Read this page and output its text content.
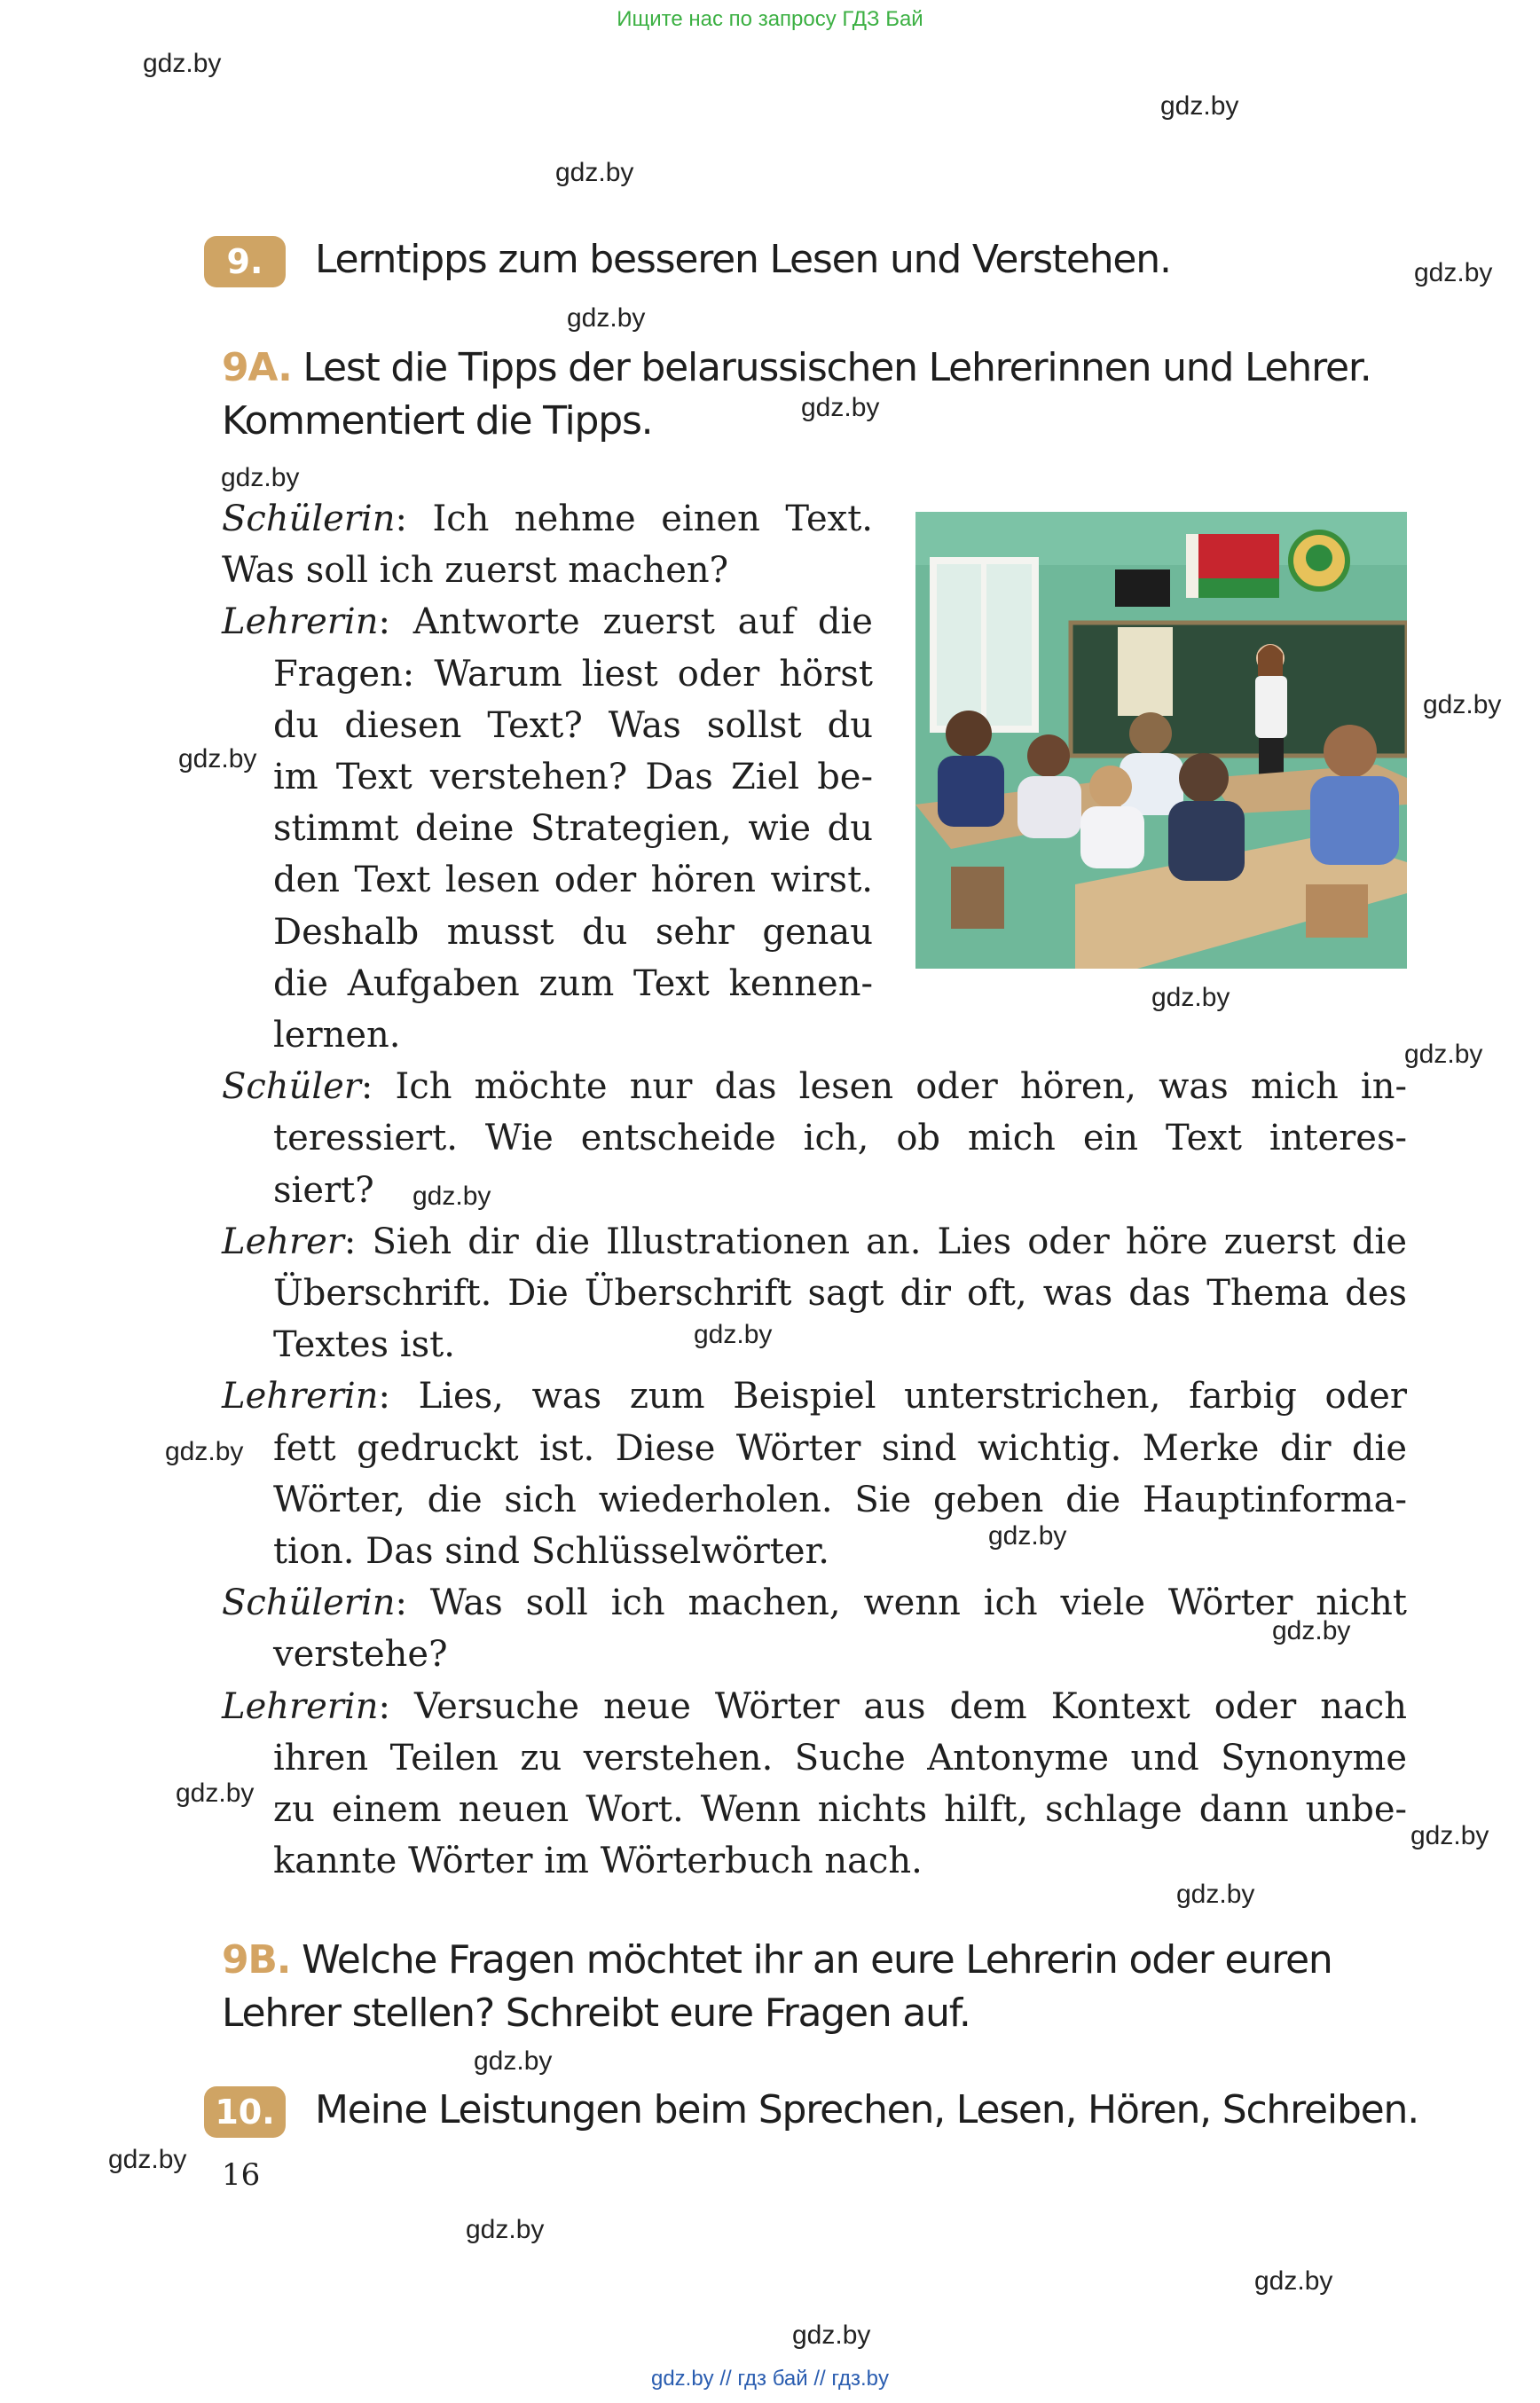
Ищите нас по запросу ГДЗ Бай
gdz.by
gdz.by
gdz.by
gdz.by
gdz.by
gdz.by
gdz.by
gdz.by
gdz.by
gdz.by
gdz.by
gdz.by
gdz.by
gdz.by
gdz.by
gdz.by
gdz.by
gdz.by
gdz.by
gdz.by
gdz.by
gdz.by
gdz.by
gdz.by
9.	Lerntipps zum besseren Lesen und Verstehen.
9A. Lest die Tipps der belarussischen Lehrerinnen und Lehrer.
Kommentiert die Tipps.
Schülerin: Ich nehme einen Text.
Was soll ich zuerst machen?
Lehrerin: Antworte zuerst auf die
Fragen: Warum liest oder hörst
du diesen Text? Was sollst du
im Text verstehen? Das Ziel be-
stimmt deine Strategien, wie du
den Text lesen oder hören wirst.
Deshalb musst du sehr genau
die Aufgaben zum Text kennen-
lernen.
Schüler: Ich möchte nur das lesen oder hören, was mich in-
teressiert. Wie entscheide ich, ob mich ein Text interes-
siert?
Lehrer: Sieh dir die Illustrationen an. Lies oder höre zuerst die
Überschrift. Die Überschrift sagt dir oft, was das Thema des
Textes ist.
Lehrerin: Lies, was zum Beispiel unterstrichen, farbig oder
fett gedruckt ist. Diese Wörter sind wichtig. Merke dir die
Wörter, die sich wiederholen. Sie geben die Hauptinforma-
tion. Das sind Schlüsselwörter.
Schülerin: Was soll ich machen, wenn ich viele Wörter nicht
verstehe?
Lehrerin: Versuche neue Wörter aus dem Kontext oder nach
ihren Teilen zu verstehen. Suche Antonyme und Synonyme
zu einem neuen Wort. Wenn nichts hilft, schlage dann unbe-
kannte Wörter im Wörterbuch nach.
9B. Welche Fragen möchtet ihr an eure Lehrerin oder euren
Lehrer stellen? Schreibt eure Fragen auf.
10. Meine Leistungen beim Sprechen, Lesen, Hören, Schreiben.
16
gdz.by // гдз бай // гдз.by
